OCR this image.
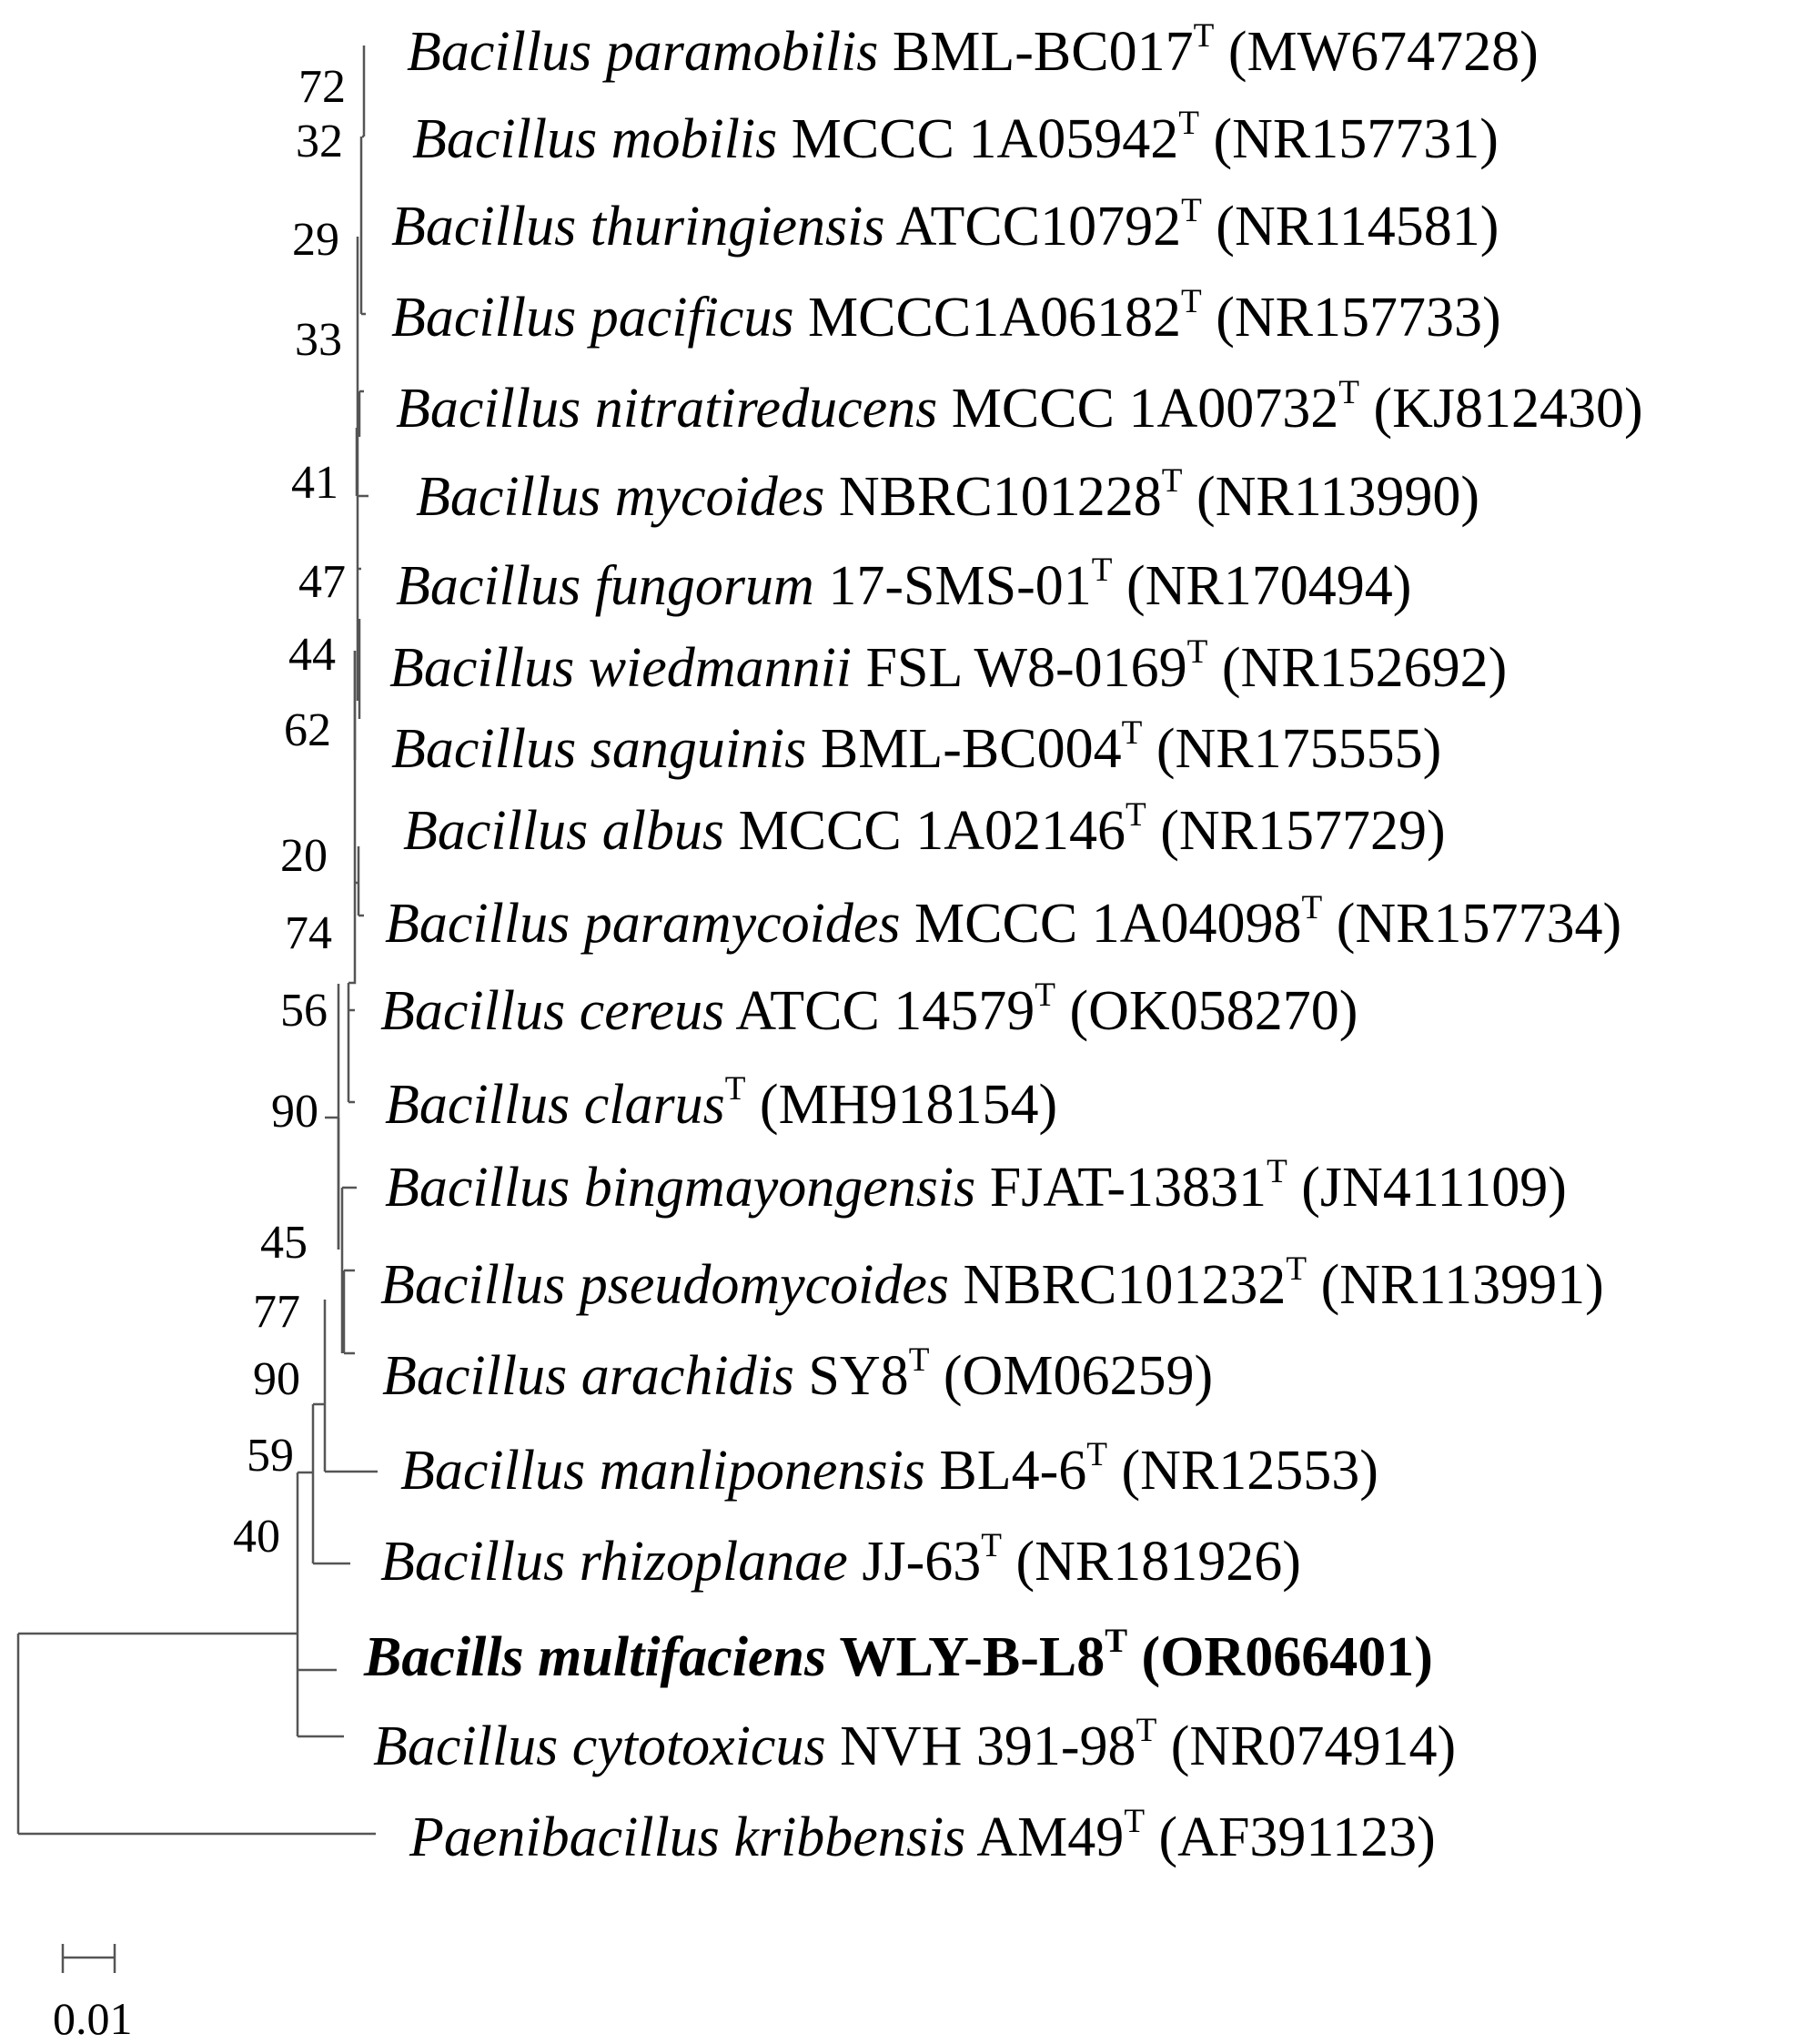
Bacillus paramobilis BML-$BC017^T$ (MW674728)
Bacillus mobilis MCCC $1A05942^T$ (NR157731)
Bacillus thuringiensis $ATCC10792^T$ (NR114581)
Bacillus pacificus $MCCC1A06182^T$ (NR157733)
Bacillus nitratireducens MCCC $1A00732^T$ (KJ812430)
Bacillus mycoides $NBRC101228^T$ (NR113990)
Bacillus fungorum $17-SMS-01^T$ (NR170494)
Bacillus wiedmannii FSL $W8-0169^T$ (NR152692)
Bacillus sanguinis BML-$BC004^T$ (NR175555)
Bacillus albus MCCC $1A02146^T$ (NR157729)
Bacillus paramycoides MCCC $1A04098^T$ (NR157734)
Bacillus cereus ATCC $14579^T$ (OK058270)
Bacillus clarus$^T$ (MH918154)
Bacillus bingmayongensis FJAT-$13831^T$ (JN411109)
Bacillus pseudomycoides $NBRC101232^T$ (NR113991)
Bacillus arachidis $SY8^T$ (OM06259)
Bacillus manliponensis $BL4-6^T$ (NR12553)
Bacillus rhizoplanae $JJ-63^T$ (NR181926)
Bacills multifaciens WLY-$B-L8^T$ (OR066401)
Bacillus cytotoxicus NVH $391-98^T$ (NR074914)
Paenibacillus kribbensis $AM49^T$ (AF391123)
72
32
29
33
41
47
44
62
20
74
56
90
45
77
90
59
40
0.01
